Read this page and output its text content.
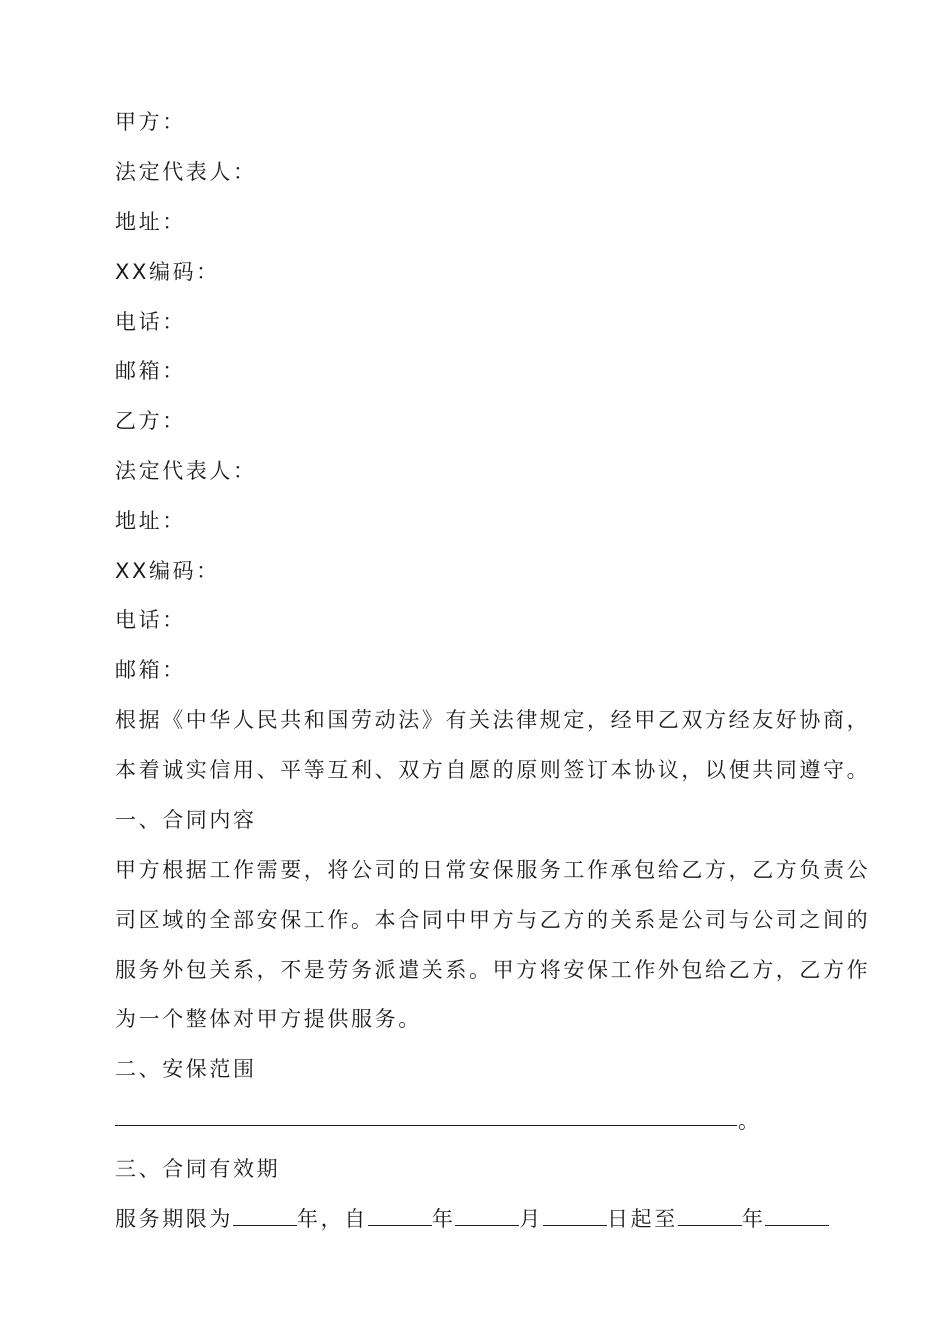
甲方：

法定代表人：

地址：

XX编码：

电话：

邮箱：

乙方：

法定代表人：

地址：

XX编码：

电话：

邮箱：

根据《中华人民共和国劳动法》有关法律规定，经甲乙双方经友好协商，

本着诚实信用、平等互利、双方自愿的原则签订本协议，以便共同遵守。

一、合同内容

甲方根据工作需要，将公司的日常安保服务工作承包给乙方，乙方负责公

司区域的全部安保工作。本合同中甲方与乙方的关系是公司与公司之间的

服务外包关系，不是劳务派遣关系。甲方将安保工作外包给乙方，乙方作

为一个整体对甲方提供服务。

二、安保范围

。

三、合同有效期

服务期限为	年，自	年	月	日起至	年
